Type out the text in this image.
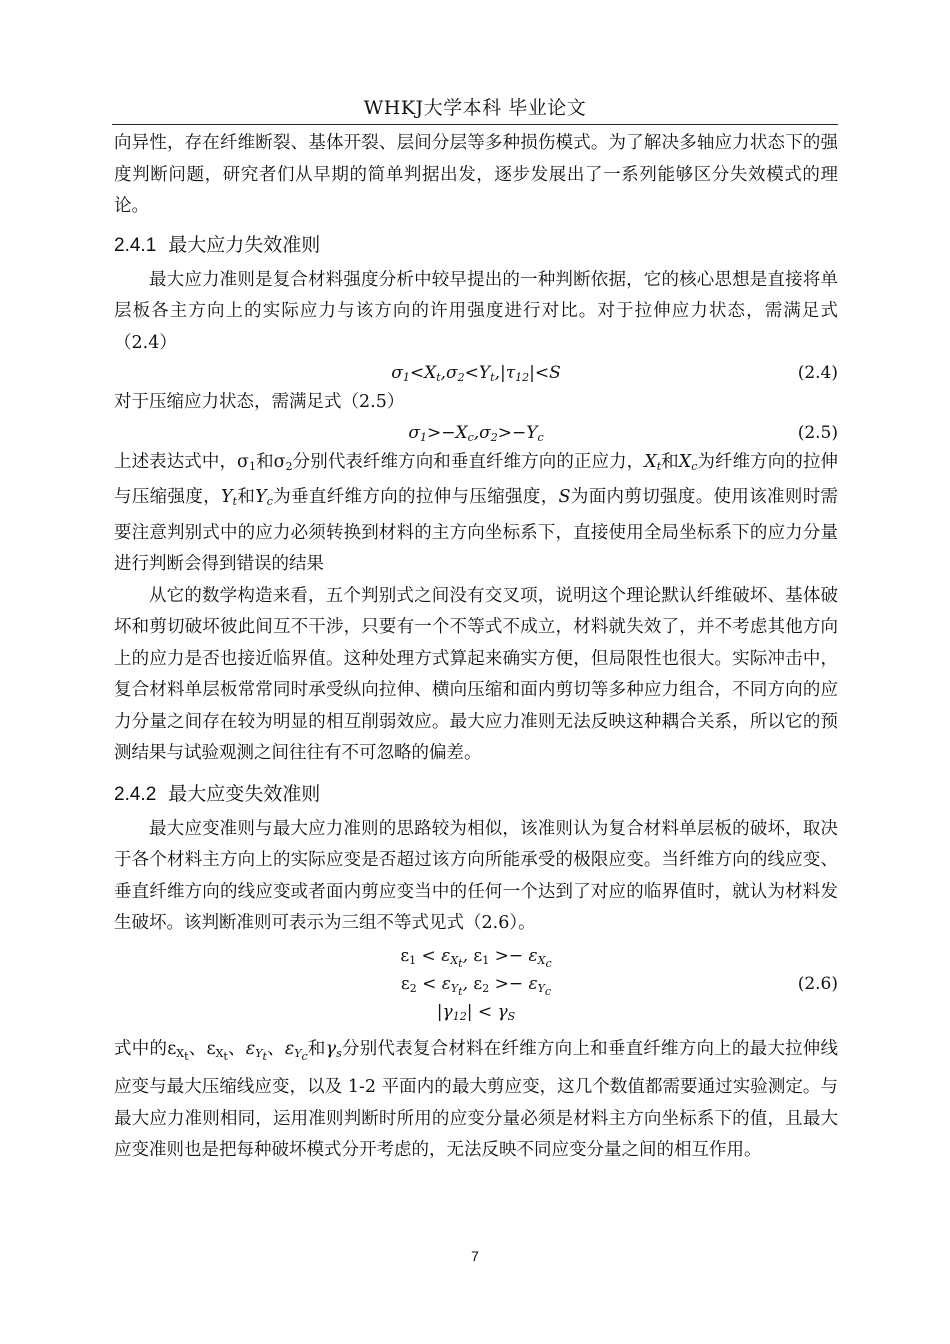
WHKJ大学本科 毕业论文

向异性，存在纤维断裂、基体开裂、层间分层等多种损伤模式。为了解决多轴应力状态下的强度判断问题，研究者们从早期的简单判据出发，逐步发展出了一系列能够区分失效模式的理论。

2.4.1 最大应力失效准则

最大应力准则是复合材料强度分析中较早提出的一种判断依据，它的核心思想是直接将单层板各主方向上的实际应力与该方向的许用强度进行对比。对于拉伸应力状态，需满足式（2.4）

$\sigma_1<X_t,\sigma_2<Y_t,|\tau_{12}|<S$	(2.4)

对于压缩应力状态，需满足式（2.5）

$\sigma_1>-X_c,\sigma_2>-Y_c$	(2.5)

上述表达式中，$\sigma_1$和$\sigma_2$分别代表纤维方向和垂直纤维方向的正应力，$X_t$和$X_c$为纤维方向的拉伸与压缩强度，$Y_t$和$Y_c$为垂直纤维方向的拉伸与压缩强度，S为面内剪切强度。使用该准则时需要注意判别式中的应力必须转换到材料的主方向坐标系下，直接使用全局坐标系下的应力分量进行判断会得到错误的结果

从它的数学构造来看，五个判别式之间没有交叉项，说明这个理论默认纤维破坏、基体破坏和剪切破坏彼此间互不干涉，只要有一个不等式不成立，材料就失效了，并不考虑其他方向上的应力是否也接近临界值。这种处理方式算起来确实方便，但局限性也很大。实际冲击中，复合材料单层板常常同时承受纵向拉伸、横向压缩和面内剪切等多种应力组合，不同方向的应力分量之间存在较为明显的相互削弱效应。最大应力准则无法反映这种耦合关系，所以它的预测结果与试验观测之间往往有不可忽略的偏差。

2.4.2 最大应变失效准则

最大应变准则与最大应力准则的思路较为相似，该准则认为复合材料单层板的破坏，取决于各个材料主方向上的实际应变是否超过该方向所能承受的极限应变。当纤维方向的线应变、垂直纤维方向的线应变或者面内剪应变当中的任何一个达到了对应的临界值时，就认为材料发生破坏。该判断准则可表示为三组不等式见式（2.6）。

$\varepsilon_1 < \varepsilon_{X_t}$, $\varepsilon_1 >- \varepsilon_{X_c}$
$\varepsilon_2 < \varepsilon_{Y_t}$, $\varepsilon_2 >- \varepsilon_{Y_c}$
$|\gamma_{12}| < \gamma_S$
(2.6)

式中的$\varepsilon_{X_t}$、$\varepsilon_{X_t}$、$\varepsilon_{Y_t}$、$\varepsilon_{Y_c}$和$\gamma_s$分别代表复合材料在纤维方向上和垂直纤维方向上的最大拉伸线应变与最大压缩线应变，以及 1-2 平面内的最大剪应变，这几个数值都需要通过实验测定。与最大应力准则相同，运用准则判断时所用的应变分量必须是材料主方向坐标系下的值，且最大应变准则也是把每种破坏模式分开考虑的，无法反映不同应变分量之间的相互作用。

7
